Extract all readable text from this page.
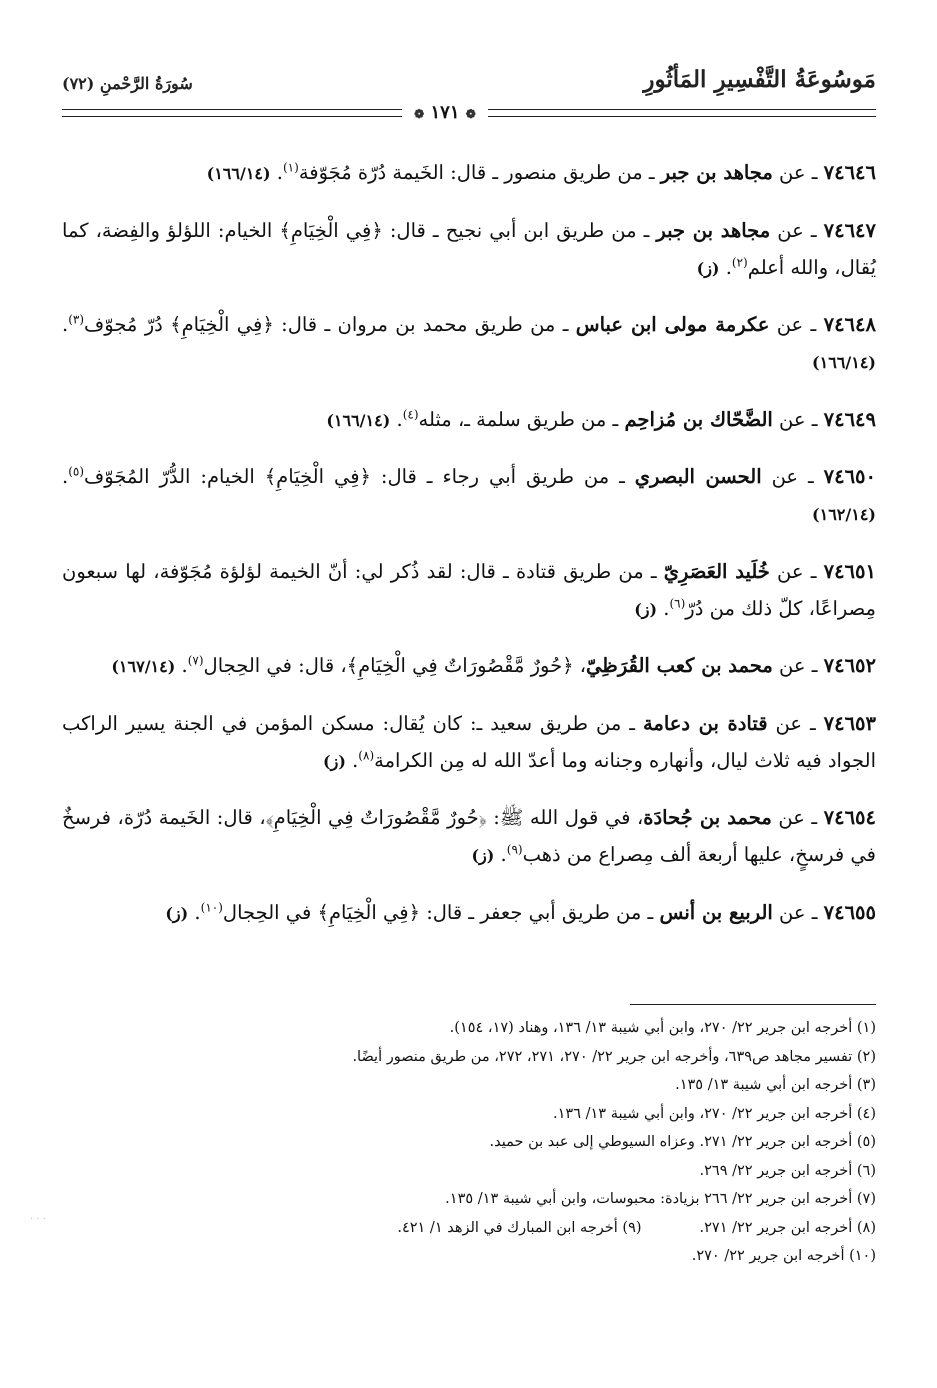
مَوسُوعَةُ التَّفْسِيرِ المَأثُورِ
سُورَةُ الرَّحْمنِ (٧٢)
❁ ١٧١ ❁

٧٤٦٤٦ ـ عن مجاهد بن جبر ـ من طريق منصور ـ قال: الخَيمة دُرّة مُجَوّفة$^{(١)}$. (١٦٦/١٤)

٧٤٦٤٧ ـ عن مجاهد بن جبر ـ من طريق ابن أبي نجيح ـ قال: ﴿فِي الْخِيَامِ﴾ الخيام: اللؤلؤ والفِضة، كما يُقال، والله أعلم$^{(٢)}$. (ز)

٧٤٦٤٨ ـ عن عكرمة مولى ابن عباس ـ من طريق محمد بن مروان ـ قال: ﴿فِي الْخِيَامِ﴾ دُرّ مُجوّف$^{(٣)}$. (١٦٦/١٤)

٧٤٦٤٩ ـ عن الضَّحّاك بن مُزاحِم ـ من طريق سلمة ـ، مثله$^{(٤)}$. (١٦٦/١٤)

٧٤٦٥٠ ـ عن الحسن البصري ـ من طريق أبي رجاء ـ قال: ﴿فِي الْخِيَامِ﴾ الخيام: الدُّرّ المُجَوّف$^{(٥)}$. (١٦٢/١٤)

٧٤٦٥١ ـ عن خُلَيد العَصَرِيّ ـ من طريق قتادة ـ قال: لقد ذُكر لي: أنّ الخيمة لؤلؤة مُجَوّفة، لها سبعون مِصراعًا، كلّ ذلك من دُرّ$^{(٦)}$. (ز)

٧٤٦٥٢ ـ عن محمد بن كعب القُرَظِيّ، ﴿حُورٌ مَّقْصُورَاتٌ فِي الْخِيَامِ﴾، قال: في الحِجال$^{(٧)}$. (١٦٧/١٤)

٧٤٦٥٣ ـ عن قتادة بن دعامة ـ من طريق سعيد ـ: كان يُقال: مسكن المؤمن في الجنة يسير الراكب الجواد فيه ثلاث ليال، وأنهاره وجنانه وما أعدّ الله له مِن الكرامة$^{(٨)}$. (ز)

٧٤٦٥٤ ـ عن محمد بن جُحادَة، في قول الله ﷺ: ﴿حُورٌ مَّقْصُورَاتٌ فِي الْخِيَامِ﴾، قال: الخَيمة دُرّة، فرسخٌ في فرسخٍ، عليها أربعة ألف مِصراع من ذهب$^{(٩)}$. (ز)

٧٤٦٥٥ ـ عن الربيع بن أنس ـ من طريق أبي جعفر ـ قال: ﴿فِي الْخِيَامِ﴾ في الحِجال$^{(١٠)}$. (ز)

(١) أخرجه ابن جرير ٢٢/ ٢٧٠، وابن أبي شيبة ١٣/ ١٣٦، وهناد (١٧، ١٥٤).
(٢) تفسير مجاهد ص٦٣٩، وأخرجه ابن جرير ٢٢/ ٢٧٠، ٢٧١، ٢٧٢، من طريق منصور أيضًا.
(٣) أخرجه ابن أبي شيبة ١٣/ ١٣٥.
(٤) أخرجه ابن جرير ٢٢/ ٢٧٠، وابن أبي شيبة ١٣/ ١٣٦.
(٥) أخرجه ابن جرير ٢٢/ ٢٧١. وعزاه السيوطي إلى عبد بن حميد.
(٦) أخرجه ابن جرير ٢٢/ ٢٦٩.
(٧) أخرجه ابن جرير ٢٢/ ٢٦٦ بزيادة: محبوسات، وابن أبي شيبة ١٣/ ١٣٥.
(٨) أخرجه ابن جرير ٢٢/ ٢٧١.
(٩) أخرجه ابن المبارك في الزهد ١/ ٤٢١.
(١٠) أخرجه ابن جرير ٢٢/ ٢٧٠.
· · ·
